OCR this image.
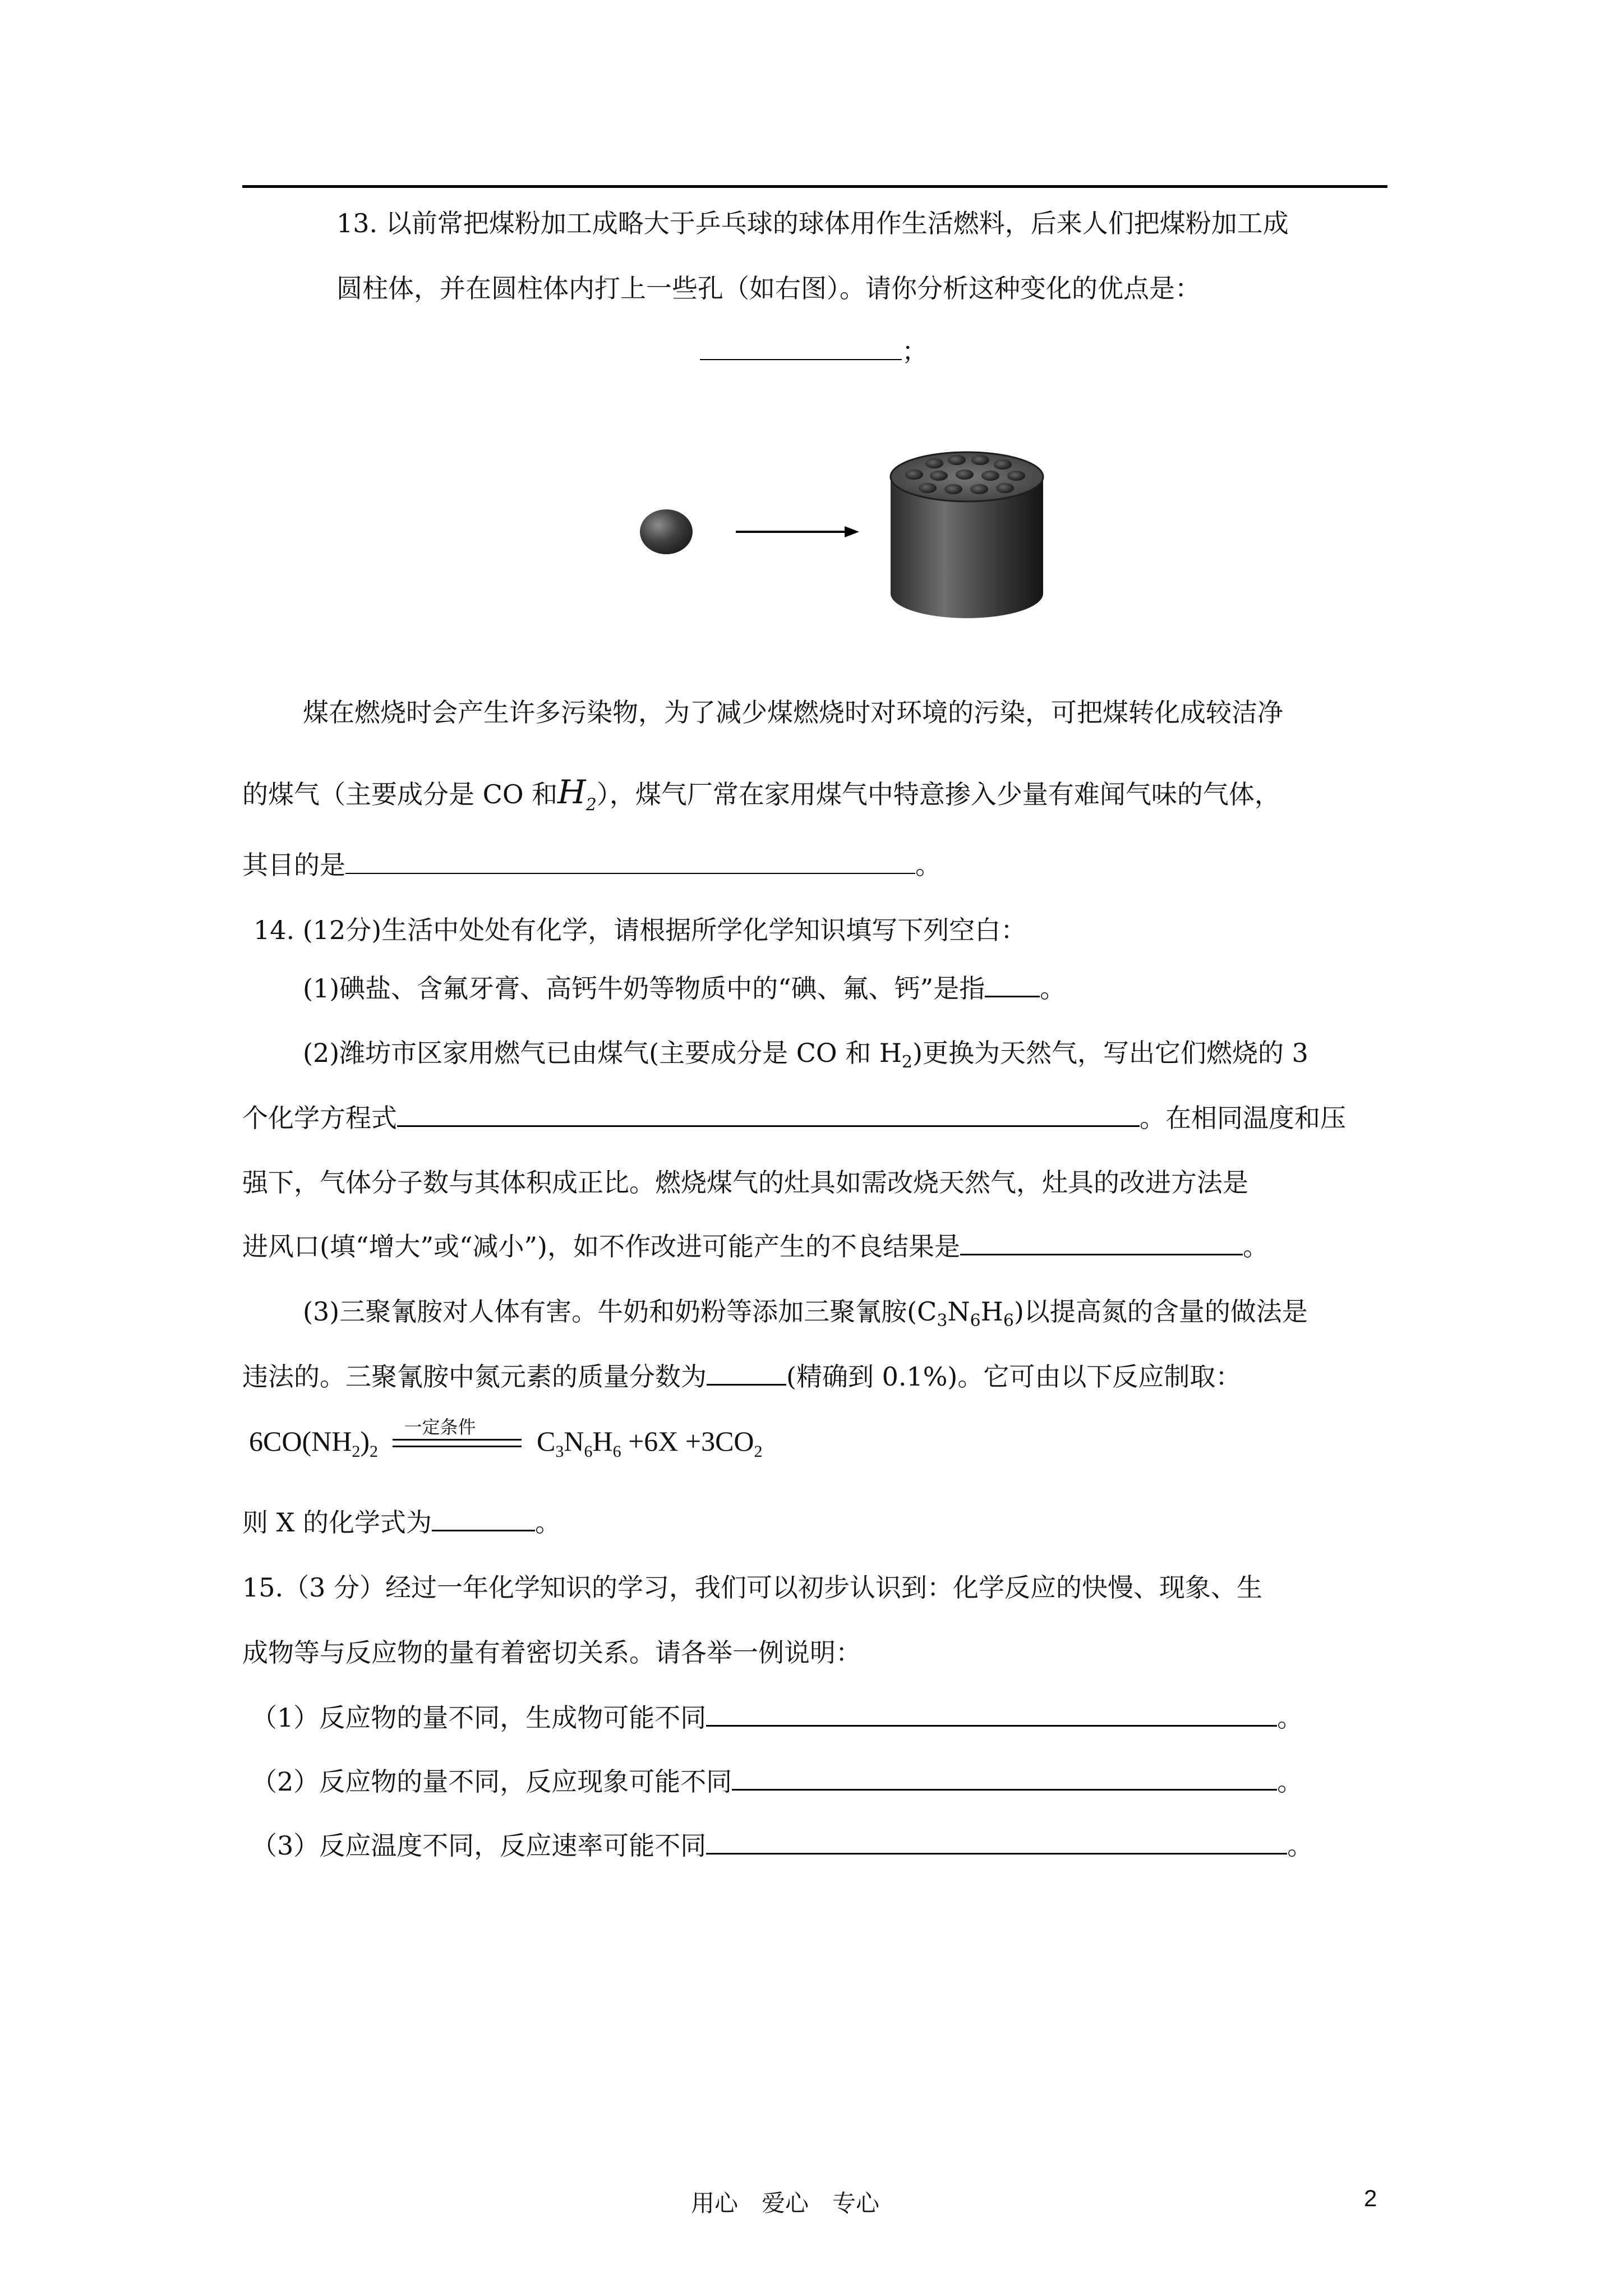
13. 以前常把煤粉加工成略大于乒乓球的球体用作生活燃料，后来人们把煤粉加工成
圆柱体，并在圆柱体内打上一些孔（如右图）。请你分析这种变化的优点是：
；
煤在燃烧时会产生许多污染物，为了减少煤燃烧时对环境的污染，可把煤转化成较洁净
的煤气（主要成分是 CO 和$H_2$），煤气厂常在家用煤气中特意掺入少量有难闻气味的气体，
其目的是	。
14. (12分)生活中处处有化学，请根据所学化学知识填写下列空白：
(1)碘盐、含氟牙膏、高钙牛奶等物质中的“碘、氟、钙”是指 。
(2)潍坊市区家用燃气已由煤气(主要成分是 CO 和 $H_2$)更换为天然气，写出它们燃烧的 3
个化学方程式	。在相同温度和压
强下，气体分子数与其体积成正比。燃烧煤气的灶具如需改烧天然气，灶具的改进方法是
进风口(填“增大”或“减小”)，如不作改进可能产生的不良结果是	。
(3)三聚氰胺对人体有害。牛奶和奶粉等添加三聚氰胺$(C_3N_6H_6)$以提高氮的含量的做法是
违法的。三聚氰胺中氮元素的质量分数为	(精确到 0.1%)。它可由以下反应制取：
$6CO(NH_2)_2$
一定条件 $C_3N_6H_6 +6X +3CO_2$
则 X 的化学式为	。
15.（3 分）经过一年化学知识的学习，我们可以初步认识到：化学反应的快慢、现象、生
成物等与反应物的量有着密切关系。请各举一例说明：
（1）反应物的量不同，生成物可能不同	。
（2）反应物的量不同，反应现象可能不同	。
（3）反应温度不同，反应速率可能不同	。
用心　爱心　专心	2
